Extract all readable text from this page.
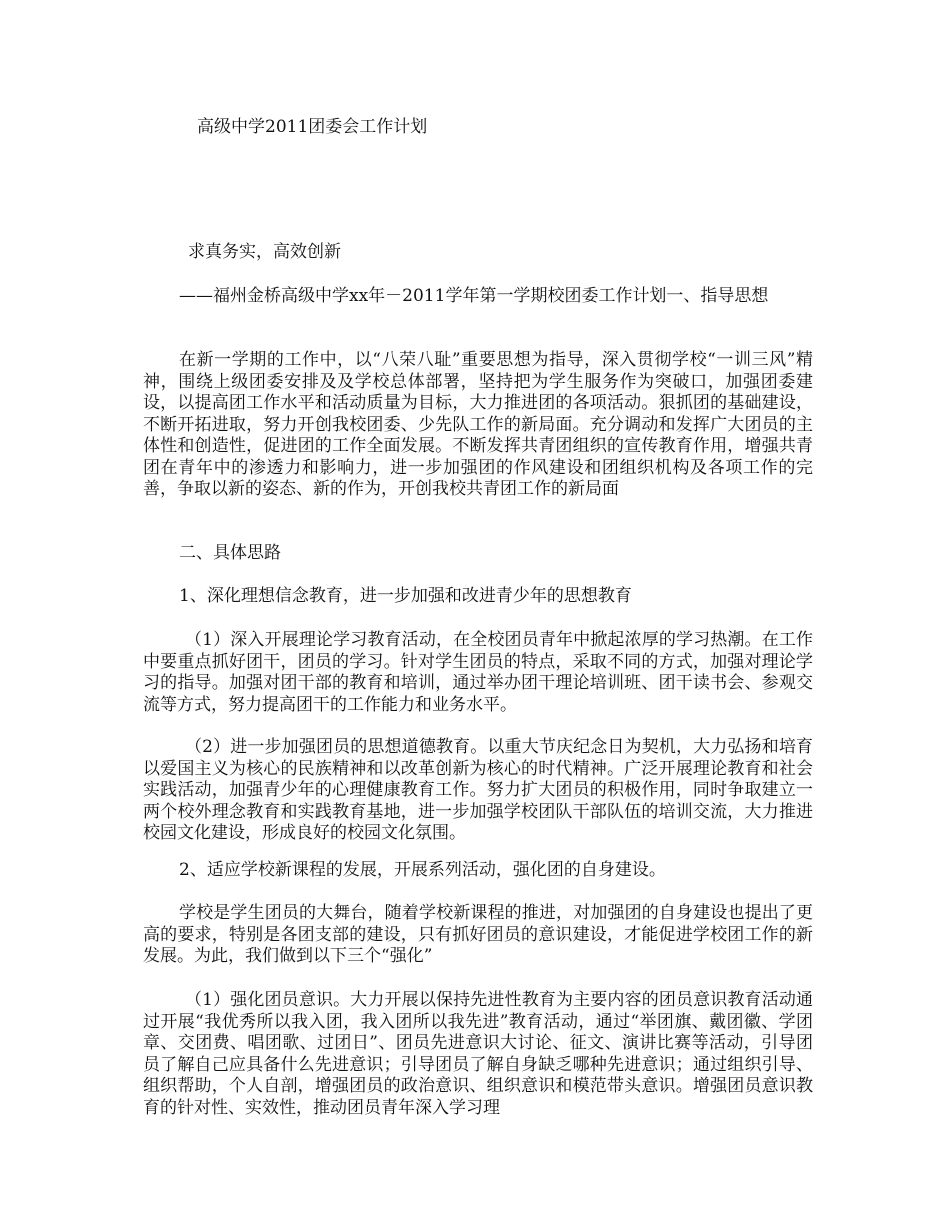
高级中学2011团委会工作计划
求真务实，高效创新
——福州金桥高级中学xx年－2011学年第一学期校团委工作计划一、指导思想
在新一学期的工作中，以“八荣八耻”重要思想为指导，深入贯彻学校“一训三风”精神，围绕上级团委安排及及学校总体部署，坚持把为学生服务作为突破口，加强团委建设，以提高团工作水平和活动质量为目标，大力推进团的各项活动。狠抓团的基础建设，不断开拓进取，努力开创我校团委、少先队工作的新局面。充分调动和发挥广大团员的主体性和创造性，促进团的工作全面发展。不断发挥共青团组织的宣传教育作用，增强共青团在青年中的渗透力和影响力，进一步加强团的作风建设和团组织机构及各项工作的完善，争取以新的姿态、新的作为，开创我校共青团工作的新局面
二、具体思路
1、深化理想信念教育，进一步加强和改进青少年的思想教育
（1）深入开展理论学习教育活动，在全校团员青年中掀起浓厚的学习热潮。在工作中要重点抓好团干，团员的学习。针对学生团员的特点，采取不同的方式，加强对理论学习的指导。加强对团干部的教育和培训，通过举办团干理论培训班、团干读书会、参观交流等方式，努力提高团干的工作能力和业务水平。
（2）进一步加强团员的思想道德教育。以重大节庆纪念日为契机，大力弘扬和培育以爱国主义为核心的民族精神和以改革创新为核心的时代精神。广泛开展理论教育和社会实践活动，加强青少年的心理健康教育工作。努力扩大团员的积极作用，同时争取建立一两个校外理念教育和实践教育基地，进一步加强学校团队干部队伍的培训交流，大力推进校园文化建设，形成良好的校园文化氛围。
2、适应学校新课程的发展，开展系列活动，强化团的自身建设。
学校是学生团员的大舞台，随着学校新课程的推进，对加强团的自身建设也提出了更高的要求，特别是各团支部的建设，只有抓好团员的意识建设，才能促进学校团工作的新发展。为此，我们做到以下三个“强化”
（1）强化团员意识。大力开展以保持先进性教育为主要内容的团员意识教育活动通过开展“我优秀所以我入团，我入团所以我先进”教育活动，通过“举团旗、戴团徽、学团章、交团费、唱团歌、过团日”、团员先进意识大讨论、征文、演讲比赛等活动，引导团员了解自己应具备什么先进意识；引导团员了解自身缺乏哪种先进意识；通过组织引导、组织帮助，个人自剖，增强团员的政治意识、组织意识和模范带头意识。增强团员意识教育的针对性、实效性，推动团员青年深入学习理
